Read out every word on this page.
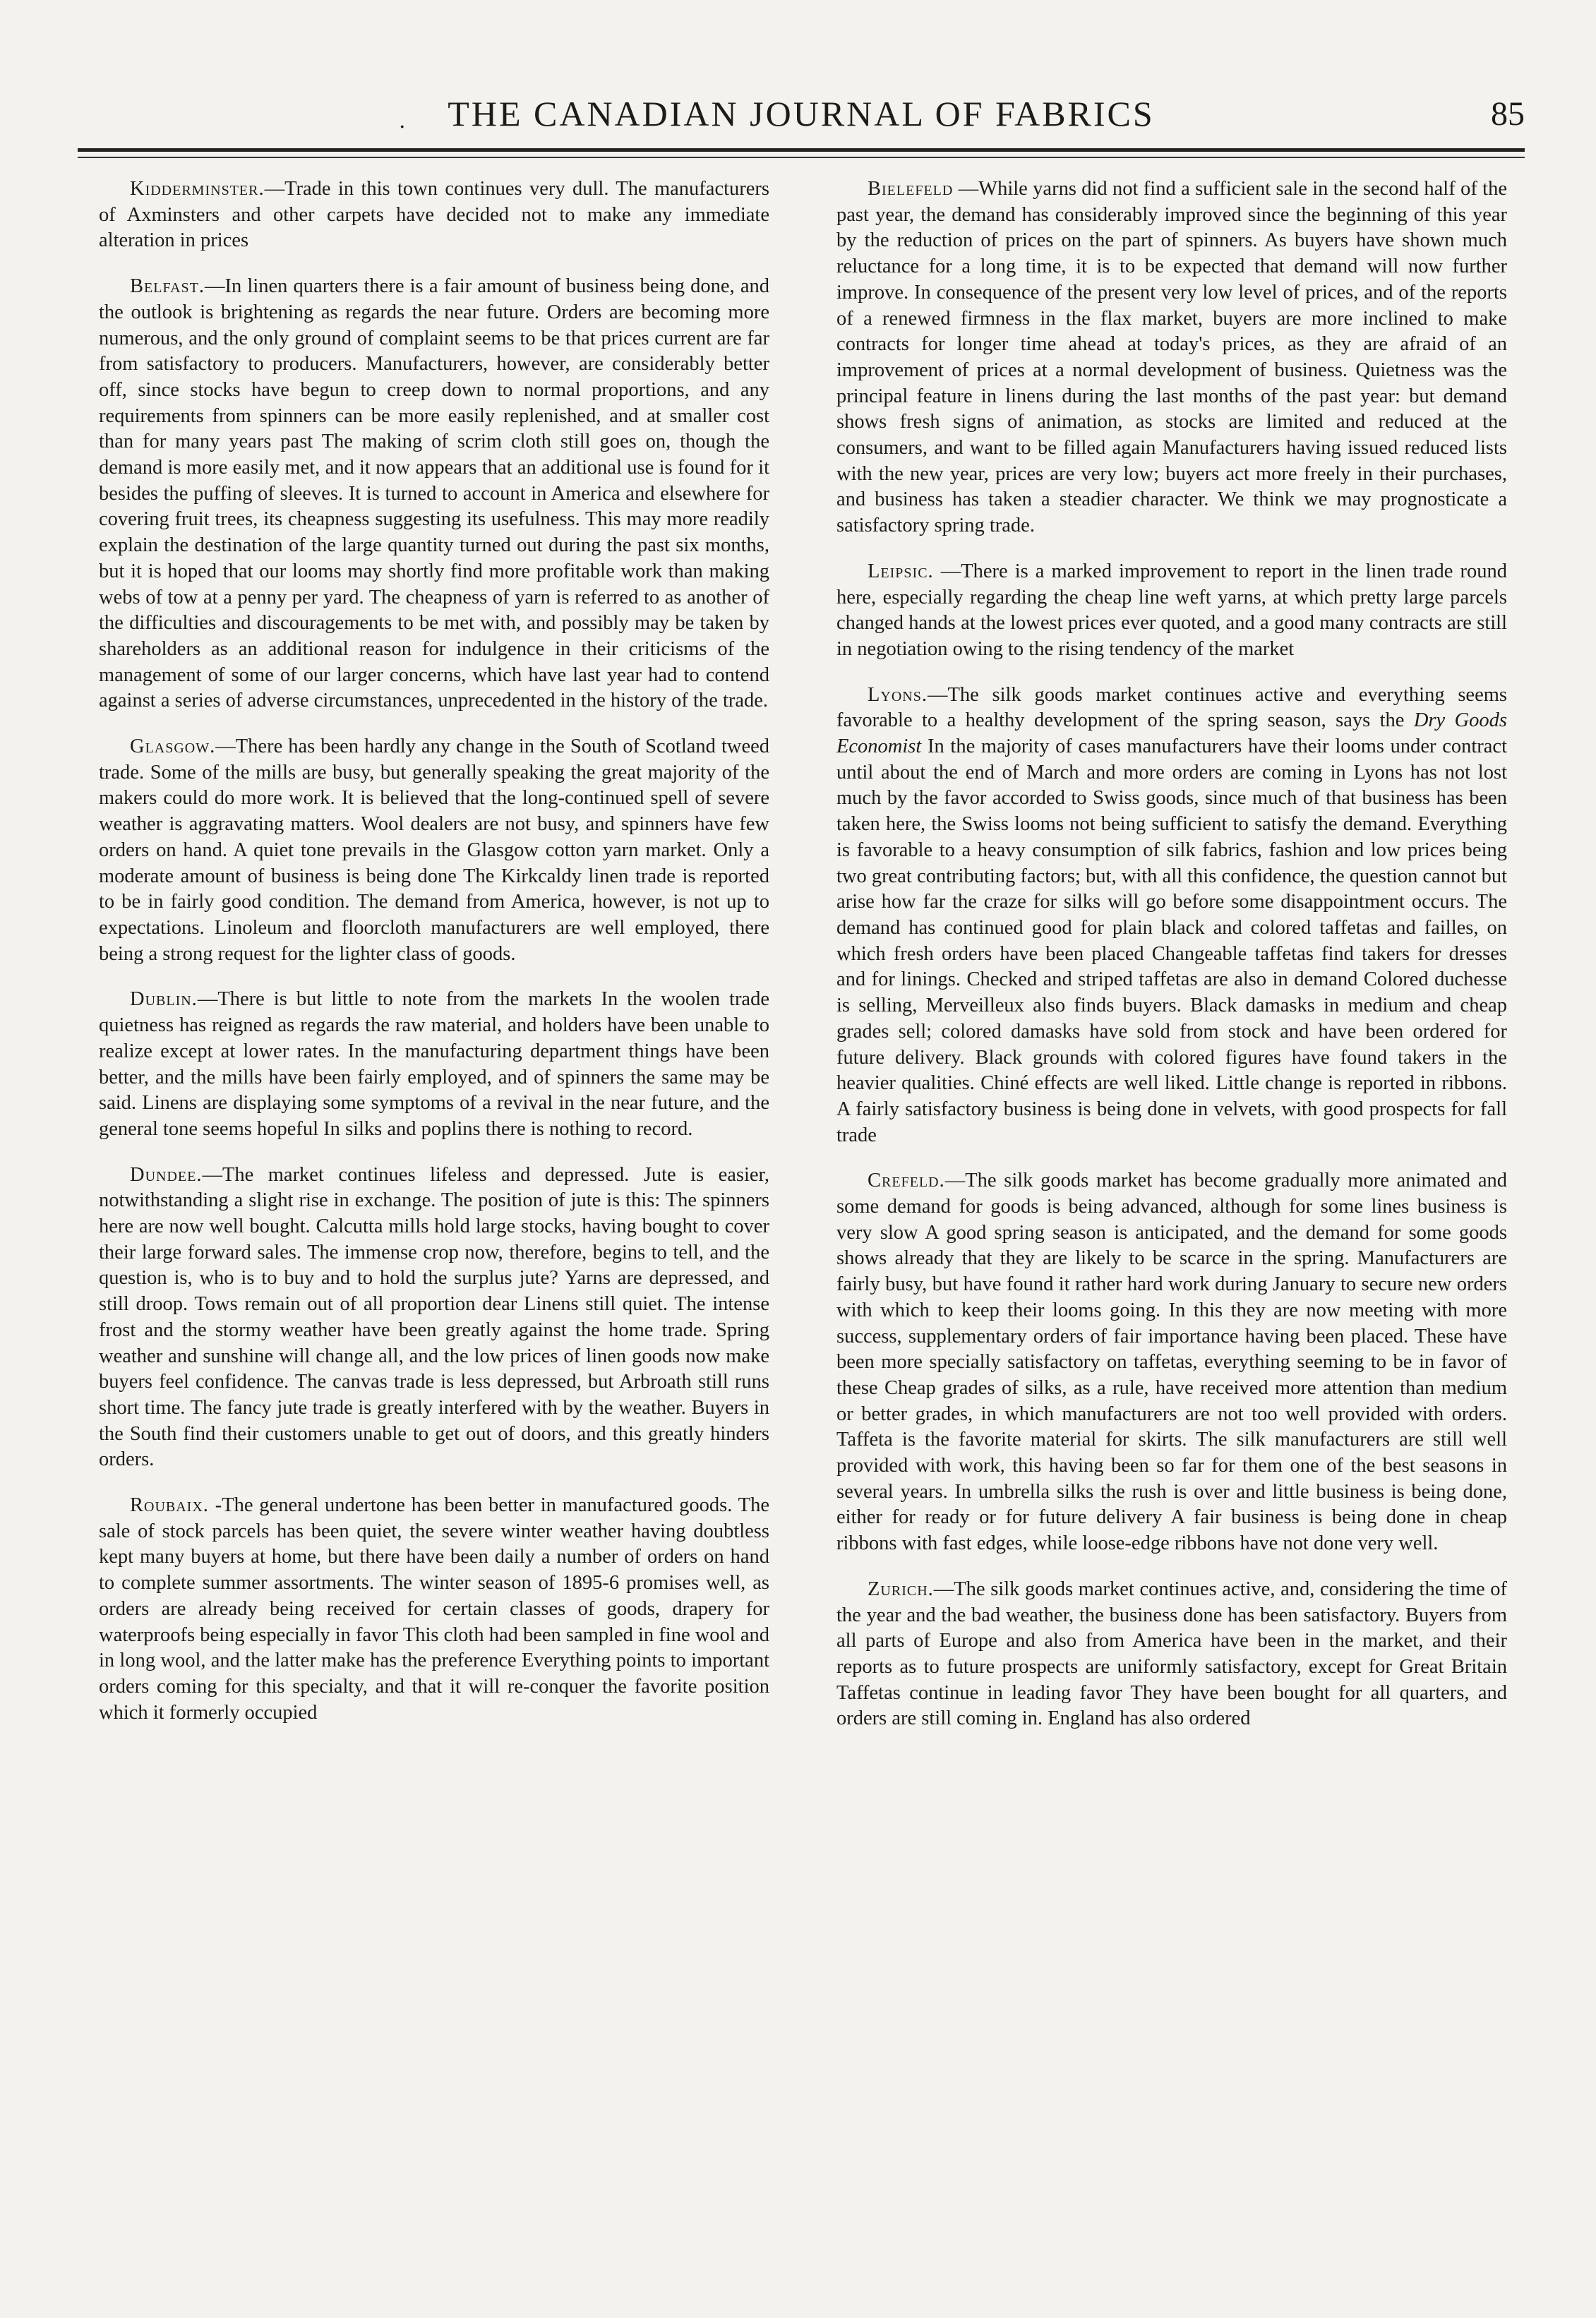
.	THE CANADIAN JOURNAL OF FABRICS	85

Kidderminster.—Trade in this town continues very dull. The manufacturers of Axminsters and other carpets have decided not to make any immediate alteration in prices

Belfast.—In linen quarters there is a fair amount of business being done, and the outlook is brightening as regards the near future. Orders are becoming more numerous, and the only ground of complaint seems to be that prices current are far from satisfactory to producers. Manufacturers, however, are considerably better off, since stocks have begun to creep down to normal proportions, and any requirements from spinners can be more easily replenished, and at smaller cost than for many years past The making of scrim cloth still goes on, though the demand is more easily met, and it now appears that an additional use is found for it besides the puffing of sleeves. It is turned to account in America and elsewhere for covering fruit trees, its cheapness suggesting its usefulness. This may more readily explain the destination of the large quantity turned out during the past six months, but it is hoped that our looms may shortly find more profitable work than making webs of tow at a penny per yard. The cheapness of yarn is referred to as another of the difficulties and discouragements to be met with, and possibly may be taken by shareholders as an additional reason for indulgence in their criticisms of the management of some of our larger concerns, which have last year had to contend against a series of adverse circumstances, unprecedented in the history of the trade.

Glasgow.—There has been hardly any change in the South of Scotland tweed trade. Some of the mills are busy, but generally speaking the great majority of the makers could do more work. It is believed that the long-continued spell of severe weather is aggravating matters. Wool dealers are not busy, and spinners have few orders on hand. A quiet tone prevails in the Glasgow cotton yarn market. Only a moderate amount of business is being done The Kirkcaldy linen trade is reported to be in fairly good condition. The demand from America, however, is not up to expectations. Linoleum and floorcloth manufacturers are well employed, there being a strong request for the lighter class of goods.

Dublin.—There is but little to note from the markets In the woolen trade quietness has reigned as regards the raw material, and holders have been unable to realize except at lower rates. In the manufacturing department things have been better, and the mills have been fairly employed, and of spinners the same may be said. Linens are displaying some symptoms of a revival in the near future, and the general tone seems hopeful In silks and poplins there is nothing to record.

Dundee.—The market continues lifeless and depressed. Jute is easier, notwithstanding a slight rise in exchange. The position of jute is this: The spinners here are now well bought. Calcutta mills hold large stocks, having bought to cover their large forward sales. The immense crop now, therefore, begins to tell, and the question is, who is to buy and to hold the surplus jute? Yarns are depressed, and still droop. Tows remain out of all proportion dear Linens still quiet. The intense frost and the stormy weather have been greatly against the home trade. Spring weather and sunshine will change all, and the low prices of linen goods now make buyers feel confidence. The canvas trade is less depressed, but Arbroath still runs short time. The fancy jute trade is greatly interfered with by the weather. Buyers in the South find their customers unable to get out of doors, and this greatly hinders orders.

Roubaix. -The general undertone has been better in manufactured goods. The sale of stock parcels has been quiet, the severe winter weather having doubtless kept many buyers at home, but there have been daily a number of orders on hand to complete summer assortments. The winter season of 1895-6 promises well, as orders are already being received for certain classes of goods, drapery for waterproofs being especially in favor This cloth had been sampled in fine wool and in long wool, and the latter make has the preference Everything points to important orders coming for this specialty, and that it will re-conquer the favorite position which it formerly occupied

Bielefeld —While yarns did not find a sufficient sale in the second half of the past year, the demand has considerably improved since the beginning of this year by the reduction of prices on the part of spinners. As buyers have shown much reluctance for a long time, it is to be expected that demand will now further improve. In consequence of the present very low level of prices, and of the reports of a renewed firmness in the flax market, buyers are more inclined to make contracts for longer time ahead at today's prices, as they are afraid of an improvement of prices at a normal development of business. Quietness was the principal feature in linens during the last months of the past year: but demand shows fresh signs of animation, as stocks are limited and reduced at the consumers, and want to be filled again Manufacturers having issued reduced lists with the new year, prices are very low; buyers act more freely in their purchases, and business has taken a steadier character. We think we may prognosticate a satisfactory spring trade.

Leipsic. —There is a marked improvement to report in the linen trade round here, especially regarding the cheap line weft yarns, at which pretty large parcels changed hands at the lowest prices ever quoted, and a good many contracts are still in negotiation owing to the rising tendency of the market

Lyons.—The silk goods market continues active and everything seems favorable to a healthy development of the spring season, says the Dry Goods Economist In the majority of cases manufacturers have their looms under contract until about the end of March and more orders are coming in Lyons has not lost much by the favor accorded to Swiss goods, since much of that business has been taken here, the Swiss looms not being sufficient to satisfy the demand. Everything is favorable to a heavy consumption of silk fabrics, fashion and low prices being two great contributing factors; but, with all this confidence, the question cannot but arise how far the craze for silks will go before some disappointment occurs. The demand has continued good for plain black and colored taffetas and failles, on which fresh orders have been placed Changeable taffetas find takers for dresses and for linings. Checked and striped taffetas are also in demand Colored duchesse is selling, Merveilleux also finds buyers. Black damasks in medium and cheap grades sell; colored damasks have sold from stock and have been ordered for future delivery. Black grounds with colored figures have found takers in the heavier qualities. Chiné effects are well liked. Little change is reported in ribbons. A fairly satisfactory business is being done in velvets, with good prospects for fall trade

Crefeld.—The silk goods market has become gradually more animated and some demand for goods is being advanced, although for some lines business is very slow A good spring season is anticipated, and the demand for some goods shows already that they are likely to be scarce in the spring. Manufacturers are fairly busy, but have found it rather hard work during January to secure new orders with which to keep their looms going. In this they are now meeting with more success, supplementary orders of fair importance having been placed. These have been more specially satisfactory on taffetas, everything seeming to be in favor of these Cheap grades of silks, as a rule, have received more attention than medium or better grades, in which manufacturers are not too well provided with orders. Taffeta is the favorite material for skirts. The silk manufacturers are still well provided with work, this having been so far for them one of the best seasons in several years. In umbrella silks the rush is over and little business is being done, either for ready or for future delivery A fair business is being done in cheap ribbons with fast edges, while loose-edge ribbons have not done very well.

Zurich.—The silk goods market continues active, and, considering the time of the year and the bad weather, the business done has been satisfactory. Buyers from all parts of Europe and also from America have been in the market, and their reports as to future prospects are uniformly satisfactory, except for Great Britain Taffetas continue in leading favor They have been bought for all quarters, and orders are still coming in. England has also ordered
